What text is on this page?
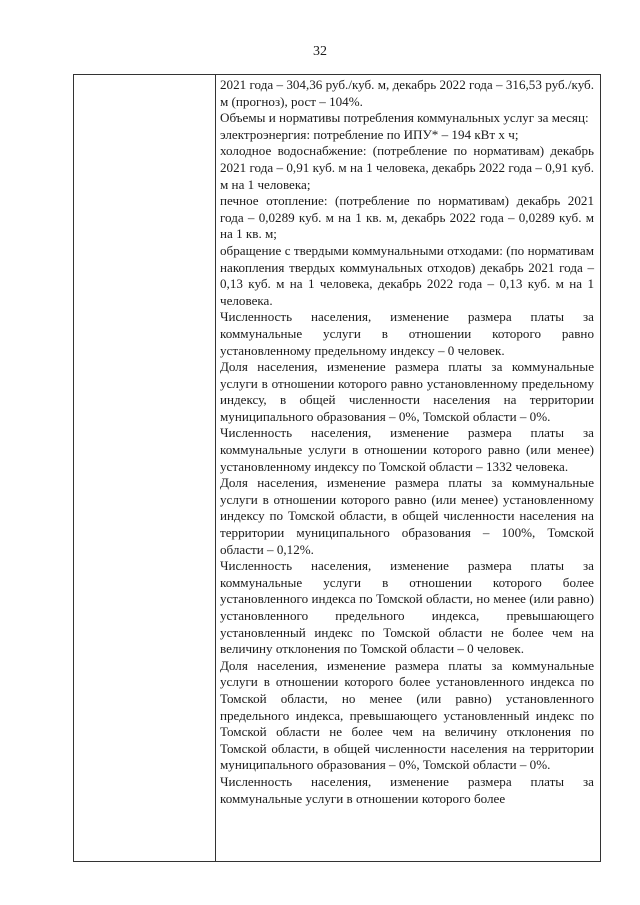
32

2021 года – 304,36 руб./куб. м, декабрь 2022 года – 316,53 руб./куб. м (прогноз), рост – 104%.

Объемы и нормативы потребления коммунальных услуг за месяц:

электроэнергия: потребление по ИПУ* – 194 кВт х ч;

холодное водоснабжение: (потребление по нормативам) декабрь 2021 года – 0,91 куб. м на 1 человека, декабрь 2022 года – 0,91 куб. м на 1 человека;

печное отопление: (потребление по нормативам) декабрь 2021 года – 0,0289 куб. м на 1 кв. м, декабрь 2022 года – 0,0289 куб. м на 1 кв. м;

обращение с твердыми коммунальными отходами: (по нормативам накопления твердых коммунальных отходов) декабрь 2021 года – 0,13 куб. м на 1 человека, декабрь 2022 года – 0,13 куб. м на 1 человека.

Численность населения, изменение размера платы за коммунальные услуги в отношении которого равно установленному предельному индексу – 0 человек.

Доля населения, изменение размера платы за коммунальные услуги в отношении которого равно установленному предельному индексу, в общей численности населения на территории муниципального образования – 0%, Томской области – 0%.

Численность населения, изменение размера платы за коммунальные услуги в отношении которого равно (или менее) установленному индексу по Томской области – 1332 человека.

Доля населения, изменение размера платы за коммунальные услуги в отношении которого равно (или менее) установленному индексу по Томской области, в общей численности населения на территории муниципального образования – 100%, Томской области – 0,12%.

Численность населения, изменение размера платы за коммунальные услуги в отношении которого более установленного индекса по Томской области, но менее (или равно) установленного предельного индекса, превышающего установленный индекс по Томской области не более чем на величину отклонения по Томской области – 0 человек.

Доля населения, изменение размера платы за коммунальные услуги в отношении которого более установленного индекса по Томской области, но менее (или равно) установленного предельного индекса, превышающего установленный индекс по Томской области не более чем на величину отклонения по Томской области, в общей численности населения на территории муниципального образования – 0%, Томской области – 0%.

Численность населения, изменение размера платы за коммунальные услуги в отношении которого более
